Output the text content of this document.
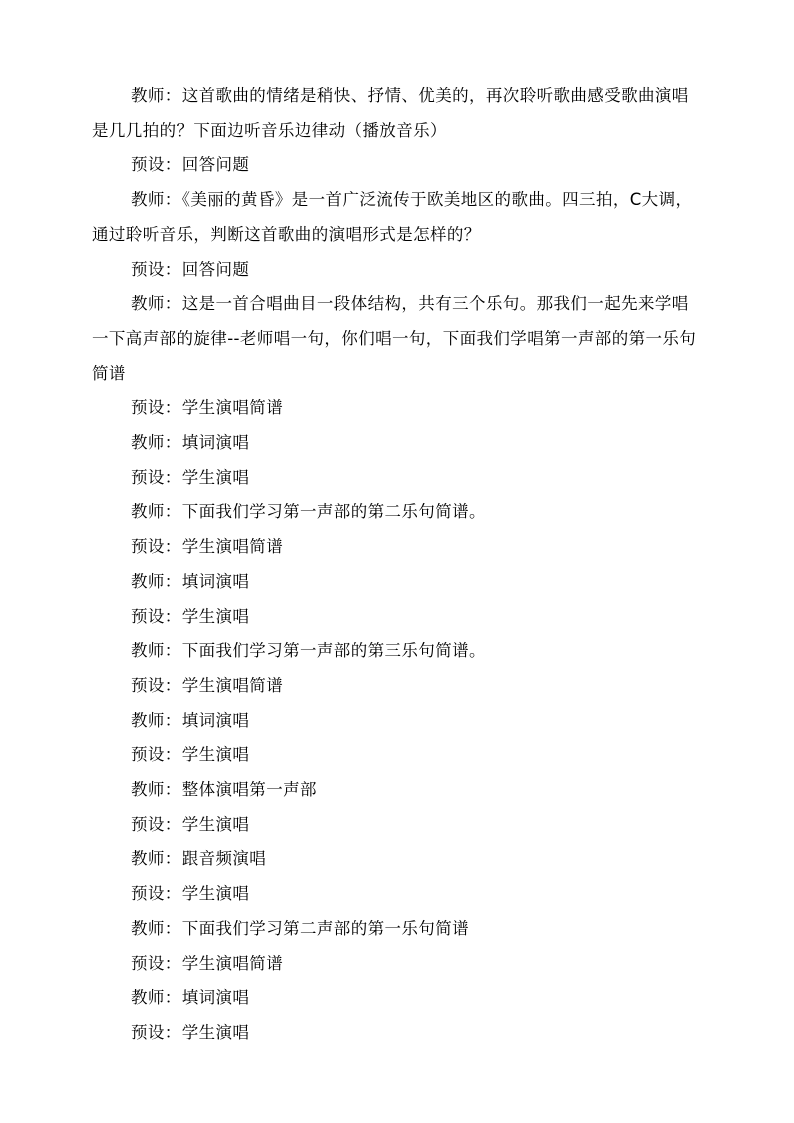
教师：这首歌曲的情绪是稍快、抒情、优美的，再次聆听歌曲感受歌曲演唱是几几拍的？下面边听音乐边律动（播放音乐）

预设：回答问题

教师：《美丽的黄昏》是一首广泛流传于欧美地区的歌曲。四三拍，C大调，通过聆听音乐，判断这首歌曲的演唱形式是怎样的？

预设：回答问题

教师：这是一首合唱曲目一段体结构，共有三个乐句。那我们一起先来学唱一下高声部的旋律--老师唱一句，你们唱一句，下面我们学唱第一声部的第一乐句简谱

预设：学生演唱简谱

教师：填词演唱

预设：学生演唱

教师：下面我们学习第一声部的第二乐句简谱。

预设：学生演唱简谱

教师：填词演唱

预设：学生演唱

教师：下面我们学习第一声部的第三乐句简谱。

预设：学生演唱简谱

教师：填词演唱

预设：学生演唱

教师：整体演唱第一声部

预设：学生演唱

教师：跟音频演唱

预设：学生演唱

教师：下面我们学习第二声部的第一乐句简谱

预设：学生演唱简谱

教师：填词演唱

预设：学生演唱
